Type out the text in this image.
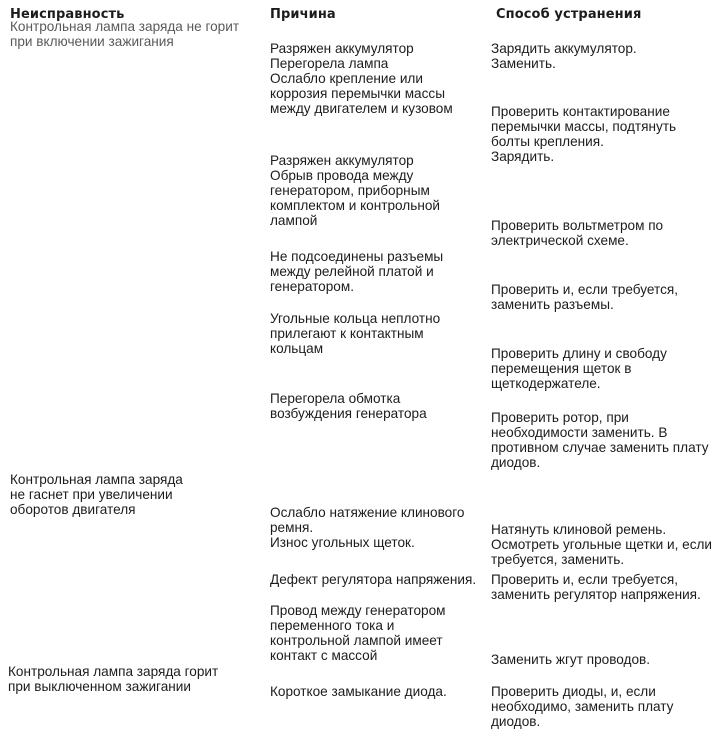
Неисправность	Причина	Способ устранения
Контрольная лампа заряда не горит
при включении зажигания
Контрольная лампа заряда
не гаснет при увеличении
оборотов двигателя
Контрольная лампа заряда горит
при выключенном зажигании
Разряжен аккумулятор
Перегорела лампа
Ослабло крепление или
коррозия перемычки массы
между двигателем и кузовом
Разряжен аккумулятор
Обрыв провода между
генератором, приборным
комплектом и контрольной
лампой
Не подсоединены разъемы
между релейной платой и
генератором.
Угольные кольца неплотно
прилегают к контактным
кольцам
Перегорела обмотка
возбуждения генератора
Ослабло натяжение клинового
ремня.
Износ угольных щеток.
Дефект регулятора напряжения.
Провод между генератором
переменного тока и
контрольной лампой имеет
контакт с массой
Короткое замыкание диода.
Зарядить аккумулятор.
Заменить.
Проверить контактирование
перемычки массы, подтянуть
болты крепления.
Зарядить.
Проверить вольтметром по
электрической схеме.
Проверить и, если требуется,
заменить разъемы.
Проверить длину и свободу
перемещения щеток в
щеткодержателе.
Проверить ротор, при
необходимости заменить. В
противном случае заменить плату
диодов.
Натянуть клиновой ремень.
Осмотреть угольные щетки и, если
требуется, заменить.
Проверить и, если требуется,
заменить регулятор напряжения.
Заменить жгут проводов.
Проверить диоды, и, если
необходимо, заменить плату
диодов.
